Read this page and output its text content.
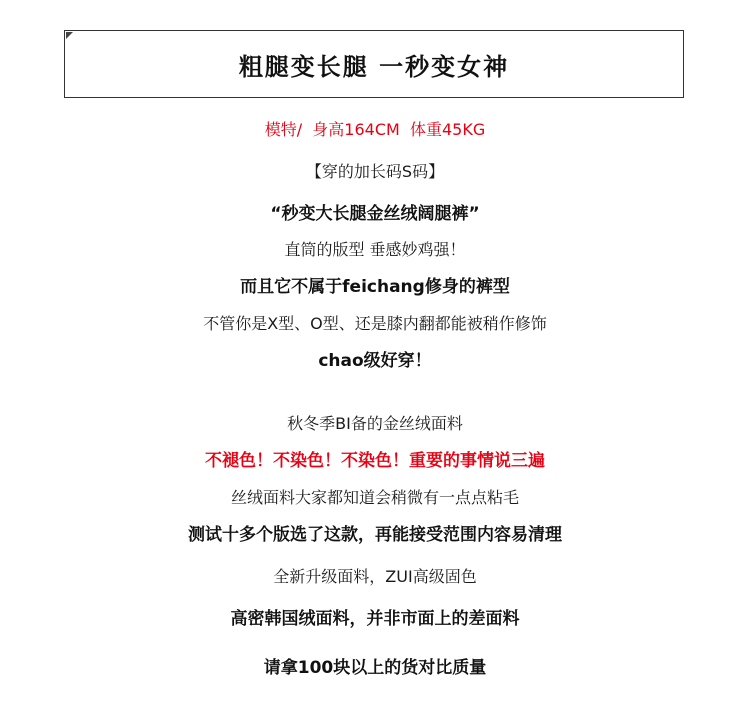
粗腿变长腿 一秒变女神
模特/  身高164CM  体重45KG
【穿的加长码S码】
“秒变大长腿金丝绒阔腿裤”
直筒的版型 垂感妙鸡强！
而且它不属于feichang修身的裤型
不管你是X型、O型、还是膝内翻都能被稍作修饰
chao级好穿！
秋冬季BI备的金丝绒面料
不褪色！不染色！不染色！重要的事情说三遍
丝绒面料大家都知道会稍微有一点点粘毛
测试十多个版选了这款，再能接受范围内容易清理
全新升级面料，ZUI高级固色
高密韩国绒面料，并非市面上的差面料
请拿100块以上的货对比质量
